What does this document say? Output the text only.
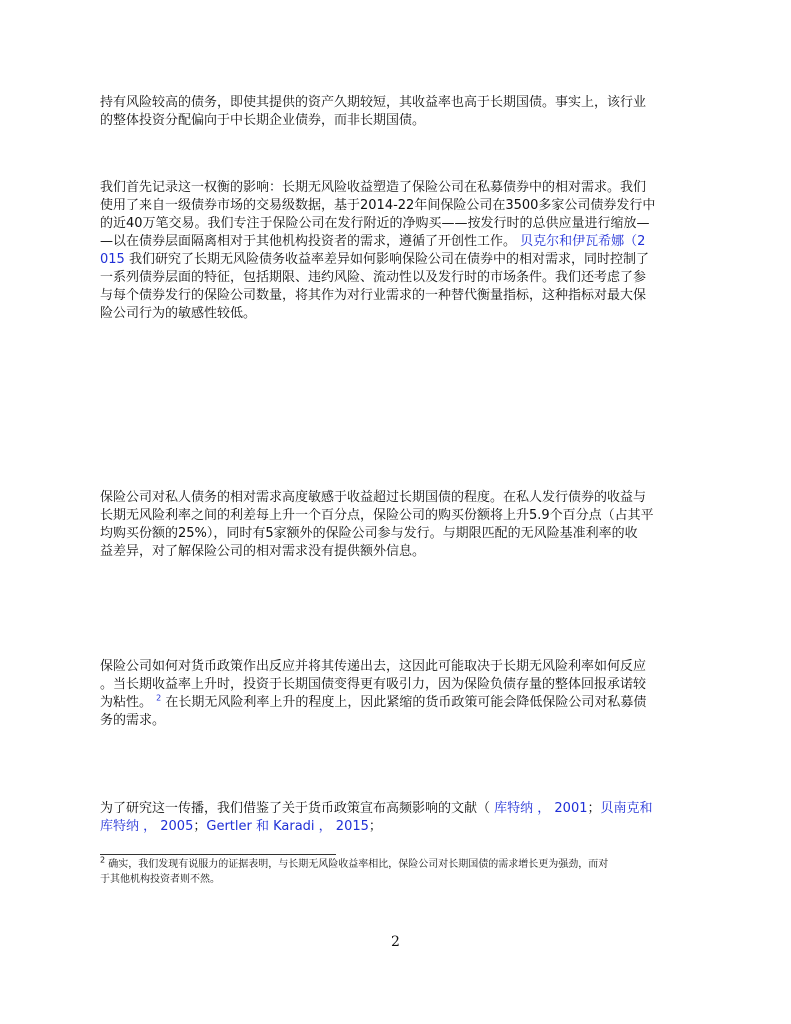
持有风险较高的债务，即使其提供的资产久期较短，其收益率也高于长期国债。事实上，该行业
的整体投资分配偏向于中长期企业债券，而非长期国债。
我们首先记录这一权衡的影响：长期无风险收益塑造了保险公司在私募债券中的相对需求。我们
使用了来自一级债券市场的交易级数据，基于2014-22年间保险公司在3500多家公司债券发行中
的近40万笔交易。我们专注于保险公司在发行附近的净购买——按发行时的总供应量进行缩放—
—以在债券层面隔离相对于其他机构投资者的需求，遵循了开创性工作。 贝克尔和伊瓦希娜（2
015 我们研究了长期无风险债务收益率差异如何影响保险公司在债券中的相对需求，同时控制了
一系列债券层面的特征，包括期限、违约风险、流动性以及发行时的市场条件。我们还考虑了参
与每个债券发行的保险公司数量，将其作为对行业需求的一种替代衡量指标，这种指标对最大保
险公司行为的敏感性较低。
保险公司对私人债务的相对需求高度敏感于收益超过长期国债的程度。在私人发行债券的收益与
长期无风险利率之间的利差每上升一个百分点，保险公司的购买份额将上升5.9个百分点（占其平
均购买份额的25%），同时有5家额外的保险公司参与发行。与期限匹配的无风险基准利率的收
益差异，对了解保险公司的相对需求没有提供额外信息。
保险公司如何对货币政策作出反应并将其传递出去，这因此可能取决于长期无风险利率如何反应
。当长期收益率上升时，投资于长期国债变得更有吸引力，因为保险负债存量的整体回报承诺较
为粘性。 $^2$ 在长期无风险利率上升的程度上，因此紧缩的货币政策可能会降低保险公司对私募债
务的需求。
为了研究这一传播，我们借鉴了关于货币政策宣布高频影响的文献（ 库特纳 ， 2001；贝南克和
库特纳 ， 2005；Gertler 和 Karadi ， 2015；
$^2$ 确实，我们发现有说服力的证据表明，与长期无风险收益率相比，保险公司对长期国债的需求增长更为强劲，而对
于其他机构投资者则不然。
2
